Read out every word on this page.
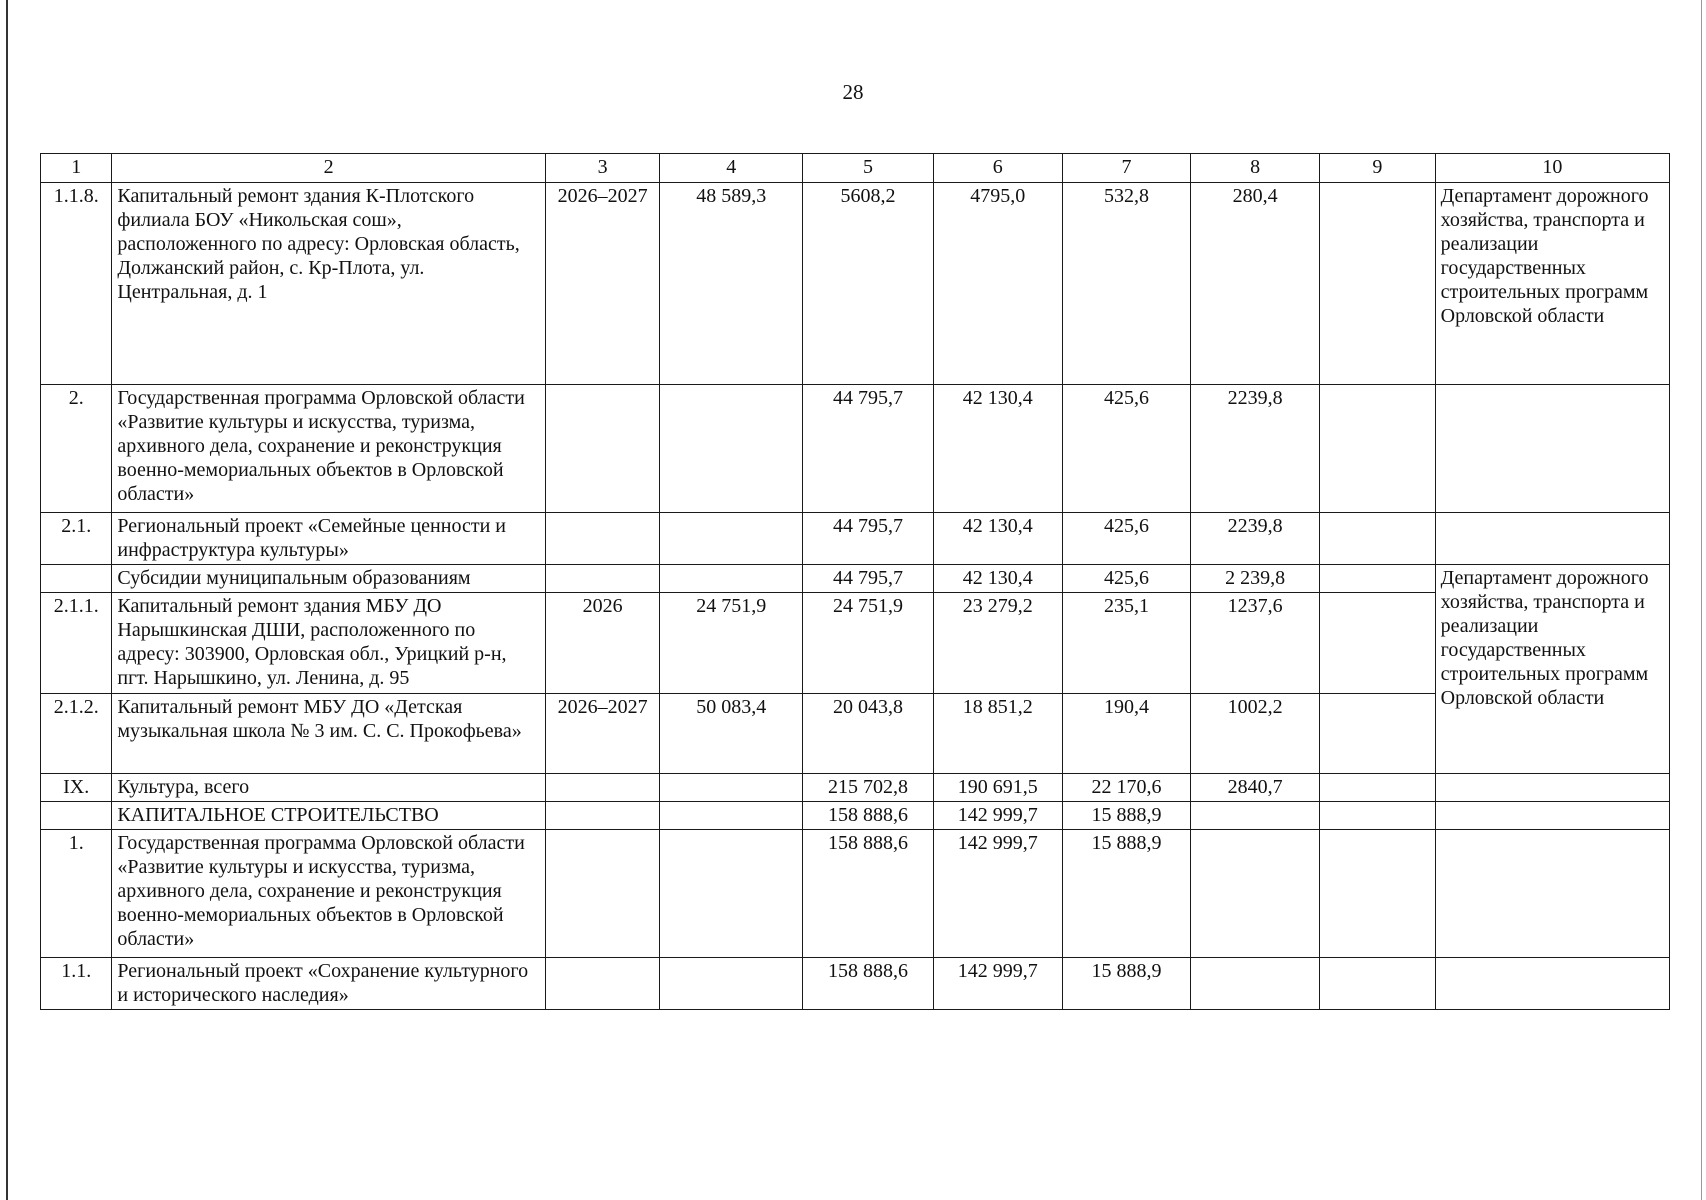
28
1	2	3	4	5	6	7	8	9	10
1.1.8.	Капитальный ремонт здания К-Плотского филиала БОУ «Никольская сош», расположенного по адресу: Орловская область, Должанский район, с. Кр-Плота, ул. Центральная, д. 1	2026–2027	48 589,3	5608,2	4795,0	532,8	280,4		Департамент дорожного хозяйства, транспорта и реализации государственных строительных программ Орловской области
2.	Государственная программа Орловской области «Развитие культуры и искусства, туризма, архивного дела, сохранение и реконструкция военно-мемориальных объектов в Орловской области»			44 795,7	42 130,4	425,6	2239,8		
2.1.	Региональный проект «Семейные ценности и инфраструктура культуры»			44 795,7	42 130,4	425,6	2239,8		
	Субсидии муниципальным образованиям			44 795,7	42 130,4	425,6	2 239,8		Департамент дорожного хозяйства, транспорта и реализации государственных строительных программ Орловской области
2.1.1.	Капитальный ремонт здания МБУ ДО Нарышкинская ДШИ, расположенного по адресу: 303900, Орловская обл., Урицкий р-н, пгт. Нарышкино, ул. Ленина, д. 95	2026	24 751,9	24 751,9	23 279,2	235,1	1237,6		
2.1.2.	Капитальный ремонт МБУ ДО «Детская музыкальная школа № 3 им. С. С. Прокофьева»	2026–2027	50 083,4	20 043,8	18 851,2	190,4	1002,2		
IX.	Культура, всего			215 702,8	190 691,5	22 170,6	2840,7		
	КАПИТАЛЬНОЕ СТРОИТЕЛЬСТВО			158 888,6	142 999,7	15 888,9			
1.	Государственная программа Орловской области «Развитие культуры и искусства, туризма, архивного дела, сохранение и реконструкция военно-мемориальных объектов в Орловской области»			158 888,6	142 999,7	15 888,9			
1.1.	Региональный проект «Сохранение культурного и исторического наследия»			158 888,6	142 999,7	15 888,9			
